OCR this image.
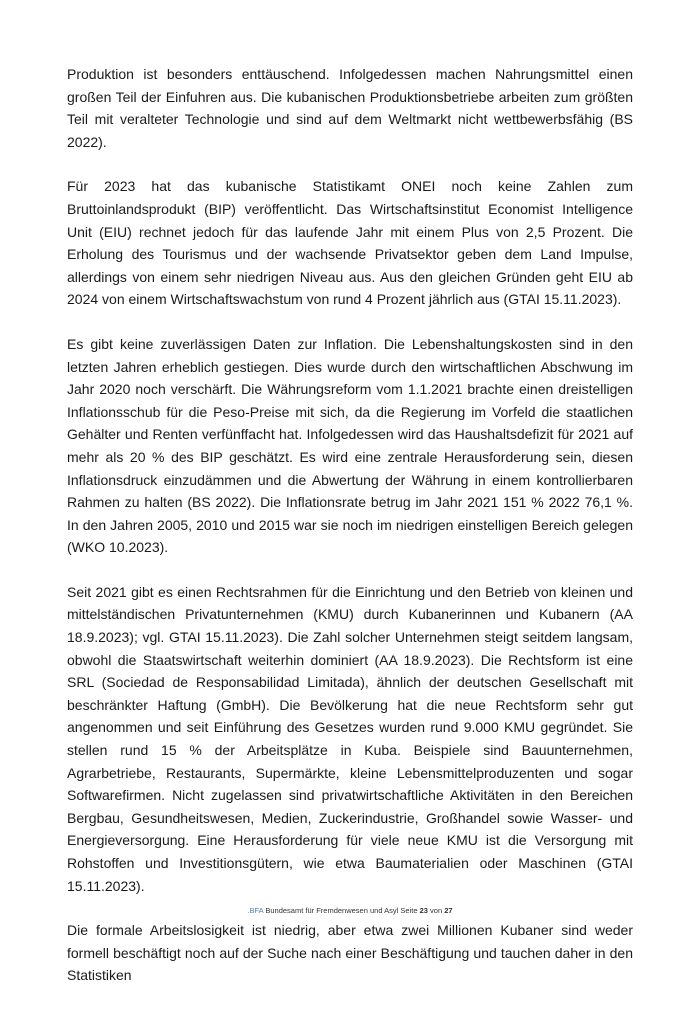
Produktion ist besonders enttäuschend. Infolgedessen machen Nahrungsmittel einen großen Teil der Einfuhren aus. Die kubanischen Produktionsbetriebe arbeiten zum größten Teil mit veralteter Technologie und sind auf dem Weltmarkt nicht wettbewerbsfähig (BS 2022).

Für 2023 hat das kubanische Statistikamt ONEI noch keine Zahlen zum Bruttoinlandsprodukt (BIP) veröffentlicht. Das Wirtschaftsinstitut Economist Intelligence Unit (EIU) rechnet jedoch für das laufende Jahr mit einem Plus von 2,5 Prozent. Die Erholung des Tourismus und der wachsende Privatsektor geben dem Land Impulse, allerdings von einem sehr niedrigen Niveau aus. Aus den gleichen Gründen geht EIU ab 2024 von einem Wirtschaftswachstum von rund 4 Prozent jährlich aus (GTAI 15.11.2023).

Es gibt keine zuverlässigen Daten zur Inflation. Die Lebenshaltungskosten sind in den letzten Jahren erheblich gestiegen. Dies wurde durch den wirtschaftlichen Abschwung im Jahr 2020 noch verschärft. Die Währungsreform vom 1.1.2021 brachte einen dreistelligen Inflationsschub für die Peso-Preise mit sich, da die Regierung im Vorfeld die staatlichen Gehälter und Renten verfünffacht hat. Infolgedessen wird das Haushaltsdefizit für 2021 auf mehr als 20 % des BIP geschätzt. Es wird eine zentrale Herausforderung sein, diesen Inflationsdruck einzudämmen und die Abwertung der Währung in einem kontrollierbaren Rahmen zu halten (BS 2022). Die Inflationsrate betrug im Jahr 2021 151 % 2022 76,1 %. In den Jahren 2005, 2010 und 2015 war sie noch im niedrigen einstelligen Bereich gelegen (WKO 10.2023).

Seit 2021 gibt es einen Rechtsrahmen für die Einrichtung und den Betrieb von kleinen und mittelständischen Privatunternehmen (KMU) durch Kubanerinnen und Kubanern (AA 18.9.2023); vgl. GTAI 15.11.2023). Die Zahl solcher Unternehmen steigt seitdem langsam, obwohl die Staatswirtschaft weiterhin dominiert (AA 18.9.2023). Die Rechtsform ist eine SRL (Sociedad de Responsabilidad Limitada), ähnlich der deutschen Gesellschaft mit beschränkter Haftung (GmbH). Die Bevölkerung hat die neue Rechtsform sehr gut angenommen und seit Einführung des Gesetzes wurden rund 9.000 KMU gegründet. Sie stellen rund 15 % der Arbeitsplätze in Kuba. Beispiele sind Bauunternehmen, Agrarbetriebe, Restaurants, Supermärkte, kleine Lebensmittelproduzenten und sogar Softwarefirmen. Nicht zugelassen sind privatwirtschaftliche Aktivitäten in den Bereichen Bergbau, Gesundheitswesen, Medien, Zuckerindustrie, Großhandel sowie Wasser- und Energieversorgung. Eine Herausforderung für viele neue KMU ist die Versorgung mit Rohstoffen und Investitionsgütern, wie etwa Baumaterialien oder Maschinen (GTAI 15.11.2023).

Die formale Arbeitslosigkeit ist niedrig, aber etwa zwei Millionen Kubaner sind weder formell beschäftigt noch auf der Suche nach einer Beschäftigung und tauchen daher in den Statistiken

.BFA Bundesamt für Fremdenwesen und Asyl Seite 23 von 27
